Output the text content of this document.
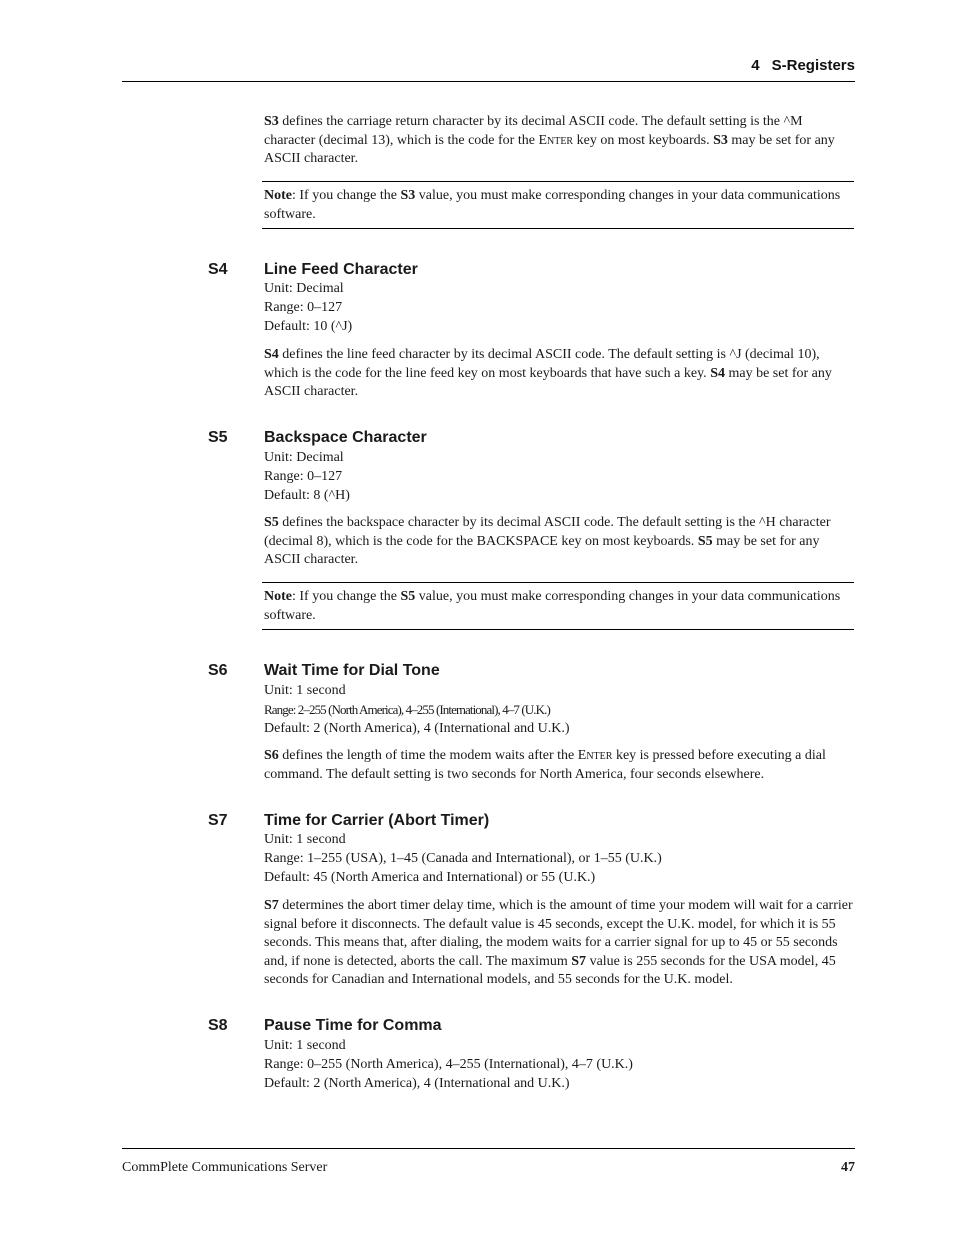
4 S-Registers

S3 defines the carriage return character by its decimal ASCII code. The default setting is the ^M character (decimal 13), which is the code for the Enter key on most keyboards. S3 may be set for any ASCII character.

Note: If you change the S3 value, you must make corresponding changes in your data communications software.
S4 Line Feed Character
Unit: Decimal
Range: 0–127
Default: 10 (^J)

S4 defines the line feed character by its decimal ASCII code. The default setting is ^J (decimal 10), which is the code for the line feed key on most keyboards that have such a key. S4 may be set for any ASCII character.

S5 Backspace Character
Unit: Decimal
Range: 0–127
Default: 8 (^H)

S5 defines the backspace character by its decimal ASCII code. The default setting is the ^H character (decimal 8), which is the code for the BACKSPACE key on most keyboards. S5 may be set for any ASCII character.

Note: If you change the S5 value, you must make corresponding changes in your data communications software.
S6 Wait Time for Dial Tone
Unit: 1 second
Range: 2–255 (North America), 4–255 (International), 4–7 (U.K.)
Default: 2 (North America), 4 (International and U.K.)

S6 defines the length of time the modem waits after the Enter key is pressed before executing a dial command. The default setting is two seconds for North America, four seconds elsewhere.

S7 Time for Carrier (Abort Timer)
Unit: 1 second
Range: 1–255 (USA), 1–45 (Canada and International), or 1–55 (U.K.)
Default: 45 (North America and International) or 55 (U.K.)

S7 determines the abort timer delay time, which is the amount of time your modem will wait for a carrier signal before it disconnects. The default value is 45 seconds, except the U.K. model, for which it is 55 seconds. This means that, after dialing, the modem waits for a carrier signal for up to 45 or 55 seconds and, if none is detected, aborts the call. The maximum S7 value is 255 seconds for the USA model, 45 seconds for Canadian and International models, and 55 seconds for the U.K. model.

S8 Pause Time for Comma
Unit: 1 second
Range: 0–255 (North America), 4–255 (International), 4–7 (U.K.)
Default: 2 (North America), 4 (International and U.K.)
CommPlete Communications Server	47
